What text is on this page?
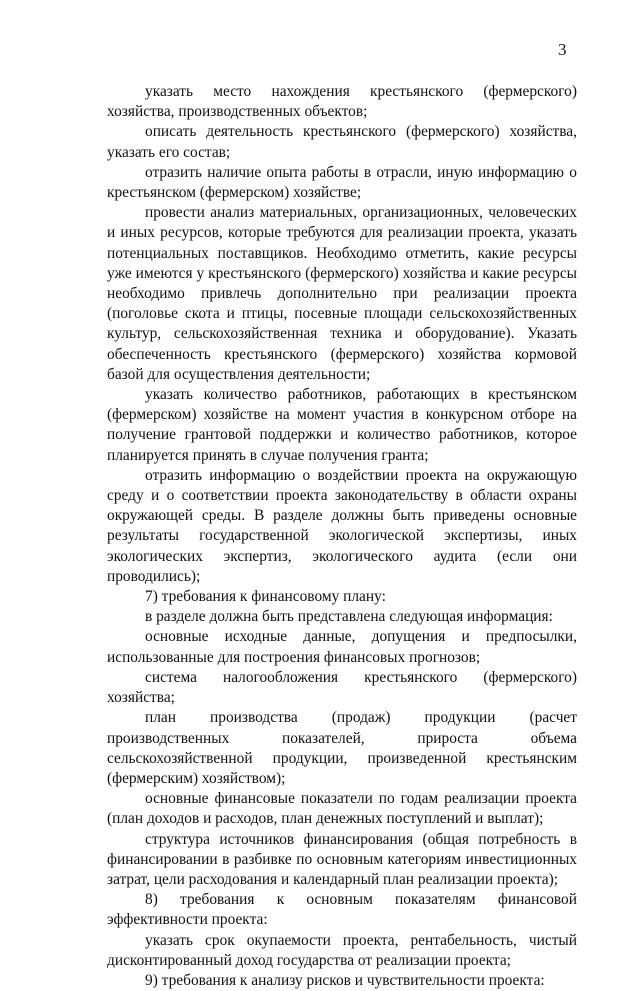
3

указать место нахождения крестьянского (фермерского) хозяйства, производственных объектов;

описать деятельность крестьянского (фермерского) хозяйства, указать его состав;

отразить наличие опыта работы в отрасли, иную информацию о крестьянском (фермерском) хозяйстве;

провести анализ материальных, организационных, человеческих и иных ресурсов, которые требуются для реализации проекта, указать потенциальных поставщиков. Необходимо отметить, какие ресурсы уже имеются у крестьянского (фермерского) хозяйства и какие ресурсы необходимо привлечь дополнительно при реализации проекта (поголовье скота и птицы, посевные площади сельскохозяйственных культур, сельскохозяйственная техника и оборудование). Указать обеспеченность крестьянского (фермерского) хозяйства кормовой базой для осуществления деятельности;

указать количество работников, работающих в крестьянском (фермерском) хозяйстве на момент участия в конкурсном отборе на получение грантовой поддержки и количество работников, которое планируется принять в случае получения гранта;

отразить информацию о воздействии проекта на окружающую среду и о соответствии проекта законодательству в области охраны окружающей среды. В разделе должны быть приведены основные результаты государственной экологической экспертизы, иных экологических экспертиз, экологического аудита (если они проводились);

7) требования к финансовому плану:

в разделе должна быть представлена следующая информация:

основные исходные данные, допущения и предпосылки, использованные для построения финансовых прогнозов;

система налогообложения крестьянского (фермерского) хозяйства;

план производства (продаж) продукции (расчет производственных показателей, прироста объема сельскохозяйственной продукции, произведенной крестьянским (фермерским) хозяйством);

основные финансовые показатели по годам реализации проекта (план доходов и расходов, план денежных поступлений и выплат);

структура источников финансирования (общая потребность в финансировании в разбивке по основным категориям инвестиционных затрат, цели расходования и календарный план реализации проекта);

8) требования к основным показателям финансовой эффективности проекта:

указать срок окупаемости проекта, рентабельность, чистый дисконтированный доход государства от реализации проекта;

9) требования к анализу рисков и чувствительности проекта:
